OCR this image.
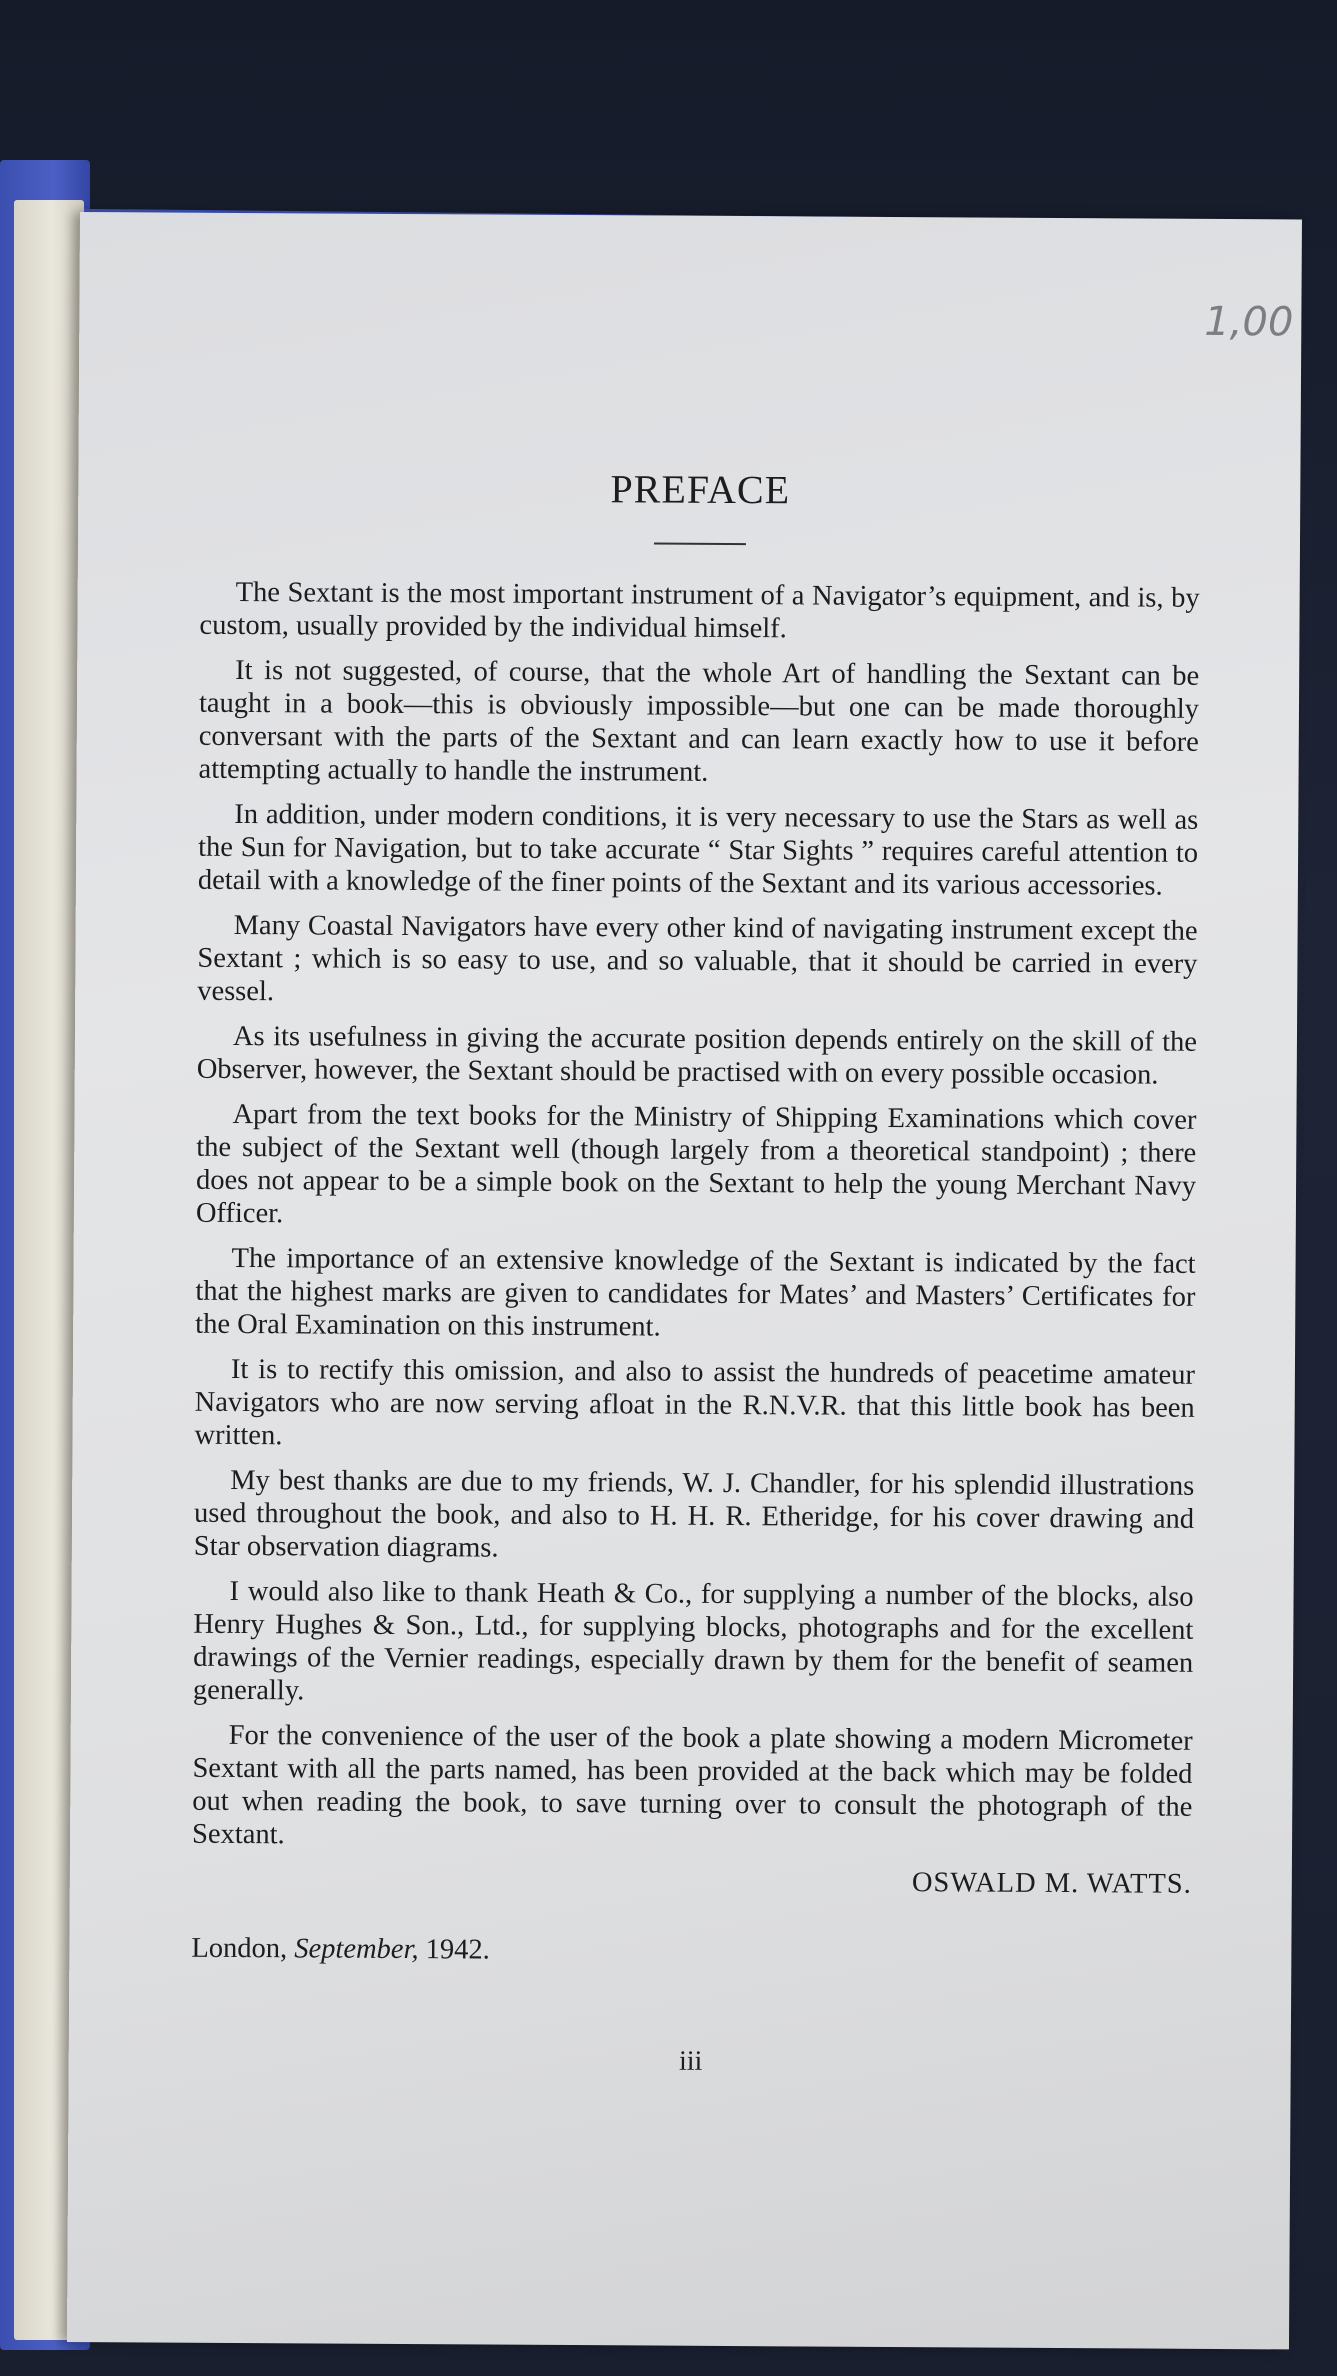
1,00
PREFACE

The Sextant is the most important instrument of a Navigator’s equipment, and is, by custom, usually provided by the individual himself.

It is not suggested, of course, that the whole Art of handling the Sextant can be taught in a book—this is obviously impossible—but one can be made thoroughly conversant with the parts of the Sextant and can learn exactly how to use it before attempting actually to handle the instrument.

In addition, under modern conditions, it is very necessary to use the Stars as well as the Sun for Navigation, but to take accurate “ Star Sights ” requires careful attention to detail with a knowledge of the finer points of the Sextant and its various accessories.

Many Coastal Navigators have every other kind of navigating instrument except the Sextant ; which is so easy to use, and so valuable, that it should be carried in every vessel.

As its usefulness in giving the accurate position depends entirely on the skill of the Observer, however, the Sextant should be practised with on every possible occasion.

Apart from the text books for the Ministry of Shipping Examinations which cover the subject of the Sextant well (though largely from a theoretical standpoint) ; there does not appear to be a simple book on the Sextant to help the young Merchant Navy Officer.

The importance of an extensive knowledge of the Sextant is indicated by the fact that the highest marks are given to candidates for Mates’ and Masters’ Certificates for the Oral Examination on this instrument.

It is to rectify this omission, and also to assist the hundreds of peacetime amateur Navigators who are now serving afloat in the R.N.V.R. that this little book has been written.

My best thanks are due to my friends, W. J. Chandler, for his splendid illustrations used throughout the book, and also to H. H. R. Etheridge, for his cover drawing and Star observation diagrams.

I would also like to thank Heath & Co., for supplying a number of the blocks, also Henry Hughes & Son., Ltd., for supplying blocks, photographs and for the excellent drawings of the Vernier readings, especially drawn by them for the benefit of seamen generally.

For the convenience of the user of the book a plate showing a modern Micrometer Sextant with all the parts named, has been provided at the back which may be folded out when reading the book, to save turning over to consult the photograph of the Sextant.

OSWALD M. WATTS.
London, September, 1942.
iii
